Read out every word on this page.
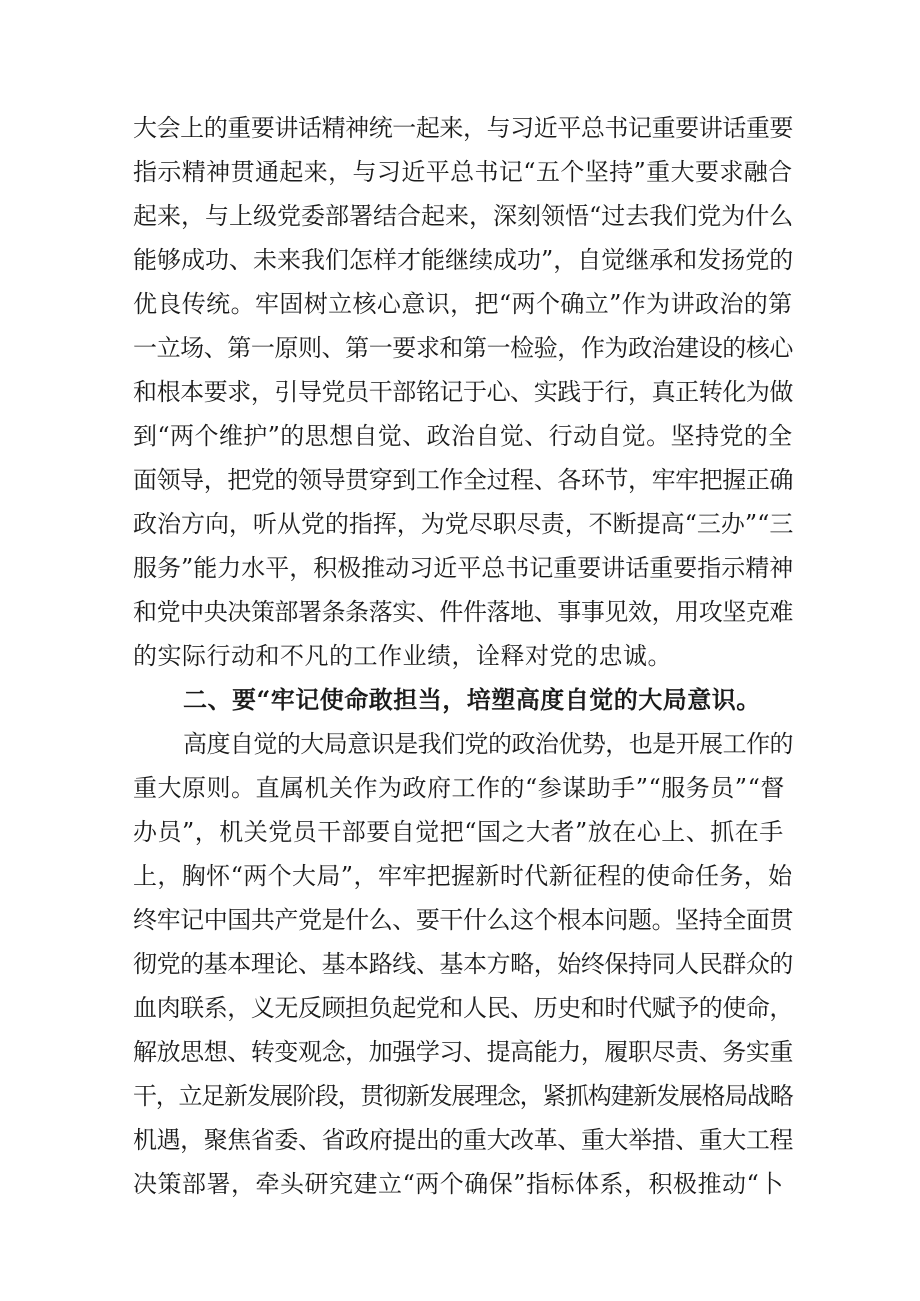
大会上的重要讲话精神统一起来，与习近平总书记重要讲话重要
指示精神贯通起来，与习近平总书记“五个坚持”重大要求融合
起来，与上级党委部署结合起来，深刻领悟“过去我们党为什么
能够成功、未来我们怎样才能继续成功”，自觉继承和发扬党的
优良传统。牢固树立核心意识，把“两个确立”作为讲政治的第
一立场、第一原则、第一要求和第一检验，作为政治建设的核心
和根本要求，引导党员干部铭记于心、实践于行，真正转化为做
到“两个维护”的思想自觉、政治自觉、行动自觉。坚持党的全
面领导，把党的领导贯穿到工作全过程、各环节，牢牢把握正确
政治方向，听从党的指挥，为党尽职尽责，不断提高“三办”“三
服务”能力水平，积极推动习近平总书记重要讲话重要指示精神
和党中央决策部署条条落实、件件落地、事事见效，用攻坚克难
的实际行动和不凡的工作业绩，诠释对党的忠诚。
二、要“牢记使命敢担当，培塑高度自觉的大局意识。
高度自觉的大局意识是我们党的政治优势，也是开展工作的
重大原则。直属机关作为政府工作的“参谋助手”“服务员”“督
办员”，机关党员干部要自觉把“国之大者”放在心上、抓在手
上，胸怀“两个大局”，牢牢把握新时代新征程的使命任务，始
终牢记中国共产党是什么、要干什么这个根本问题。坚持全面贯
彻党的基本理论、基本路线、基本方略，始终保持同人民群众的
血肉联系，义无反顾担负起党和人民、历史和时代赋予的使命，
解放思想、转变观念，加强学习、提高能力，履职尽责、务实重
干，立足新发展阶段，贯彻新发展理念，紧抓构建新发展格局战略
机遇，聚焦省委、省政府提出的重大改革、重大举措、重大工程
决策部署，牵头研究建立“两个确保”指标体系，积极推动“卜
